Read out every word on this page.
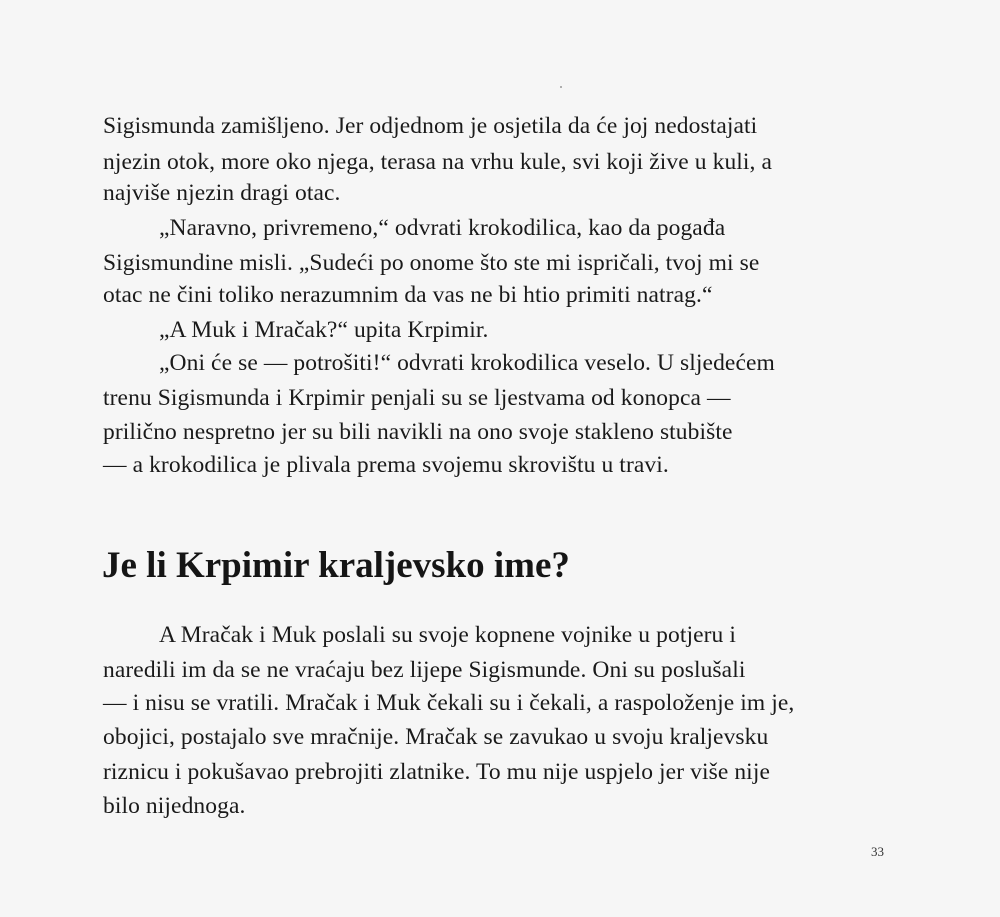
Sigismunda zamišljeno. Jer odjednom je osjetila da će joj nedostajati
njezin otok, more oko njega, terasa na vrhu kule, svi koji žive u kuli, a
najviše njezin dragi otac.
„Naravno, privremeno,“ odvrati krokodilica, kao da pogađa
Sigismundine misli. „Sudeći po onome što ste mi ispričali, tvoj mi se
otac ne čini toliko nerazumnim da vas ne bi htio primiti natrag.“
„A Muk i Mračak?“ upita Krpimir.
„Oni će se — potrošiti!“ odvrati krokodilica veselo. U sljedećem
trenu Sigismunda i Krpimir penjali su se ljestvama od konopca —
prilično nespretno jer su bili navikli na ono svoje stakleno stubište
— a krokodilica je plivala prema svojemu skrovištu u travi.
Je li Krpimir kraljevsko ime?
A Mračak i Muk poslali su svoje kopnene vojnike u potjeru i
naredili im da se ne vraćaju bez lijepe Sigismunde. Oni su poslušali
— i nisu se vratili. Mračak i Muk čekali su i čekali, a raspoloženje im je,
obojici, postajalo sve mračnije. Mračak se zavukao u svoju kraljevsku
riznicu i pokušavao prebrojiti zlatnike. To mu nije uspjelo jer više nije
bilo nijednoga.
33
